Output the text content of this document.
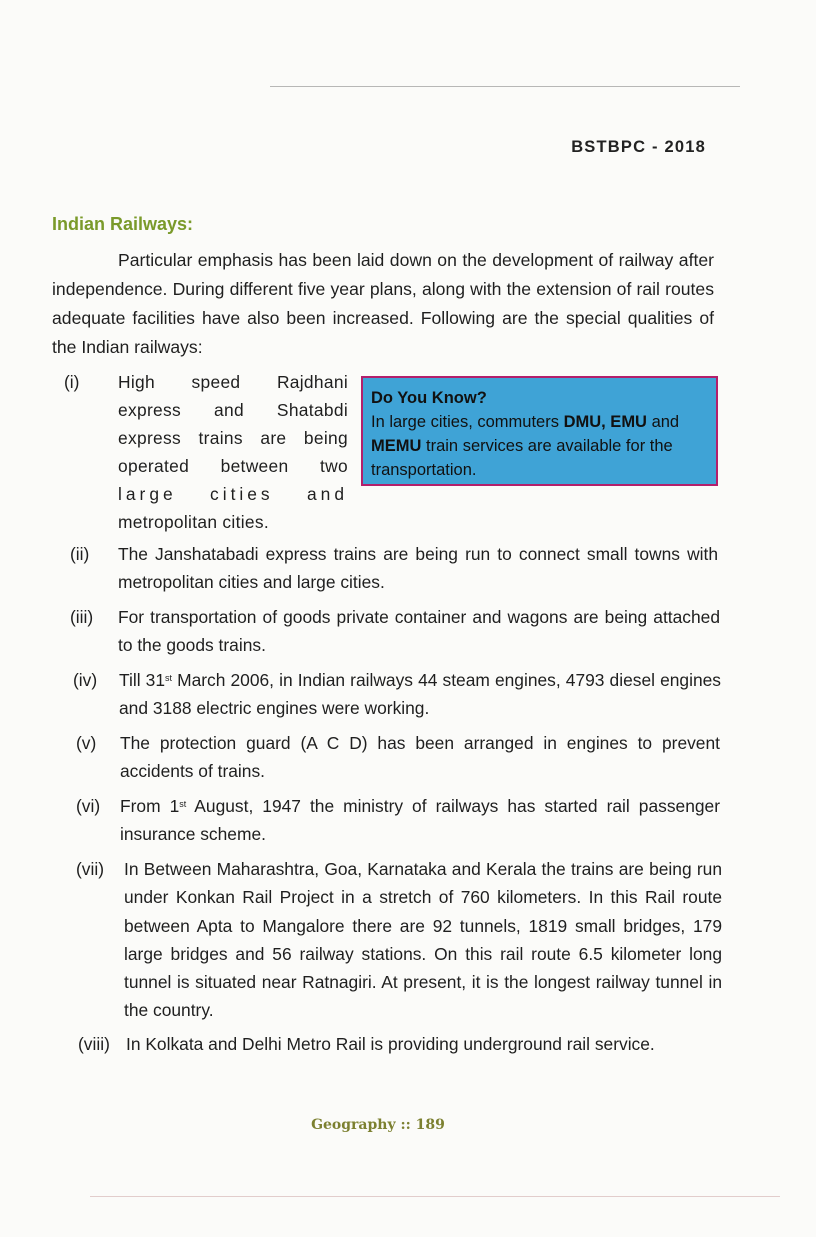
BSTBPC - 2018
Indian Railways:
Particular emphasis has been laid down on the development of railway after independence. During different five year plans, along with the extension of rail routes adequate facilities have also been increased. Following are the special qualities of the Indian railways:
(i) High speed Rajdhani express and Shatabdi express trains are being operated between two large cities and metropolitan cities.
Do You Know?
In large cities, commuters DMU, EMU and MEMU train services are available for the transportation.
(ii) The Janshatabadi express trains are being run to connect small towns with metropolitan cities and large cities.
(iii) For transportation of goods private container and wagons are being attached to the goods trains.
(iv) Till 31st March 2006, in Indian railways 44 steam engines, 4793 diesel engines and 3188 electric engines were working.
(v) The protection guard (A C D) has been arranged in engines to prevent accidents of trains.
(vi) From 1st August, 1947 the ministry of railways has started rail passenger insurance scheme.
(vii) In Between Maharashtra, Goa, Karnataka and Kerala the trains are being run under Konkan Rail Project in a stretch of 760 kilometers. In this Rail route between Apta to Mangalore there are 92 tunnels, 1819 small bridges, 179 large bridges and 56 railway stations. On this rail route 6.5 kilometer long tunnel is situated near Ratnagiri. At present, it is the longest railway tunnel in the country.
(viii) In Kolkata and Delhi Metro Rail is providing underground rail service.
Geography :: 189
